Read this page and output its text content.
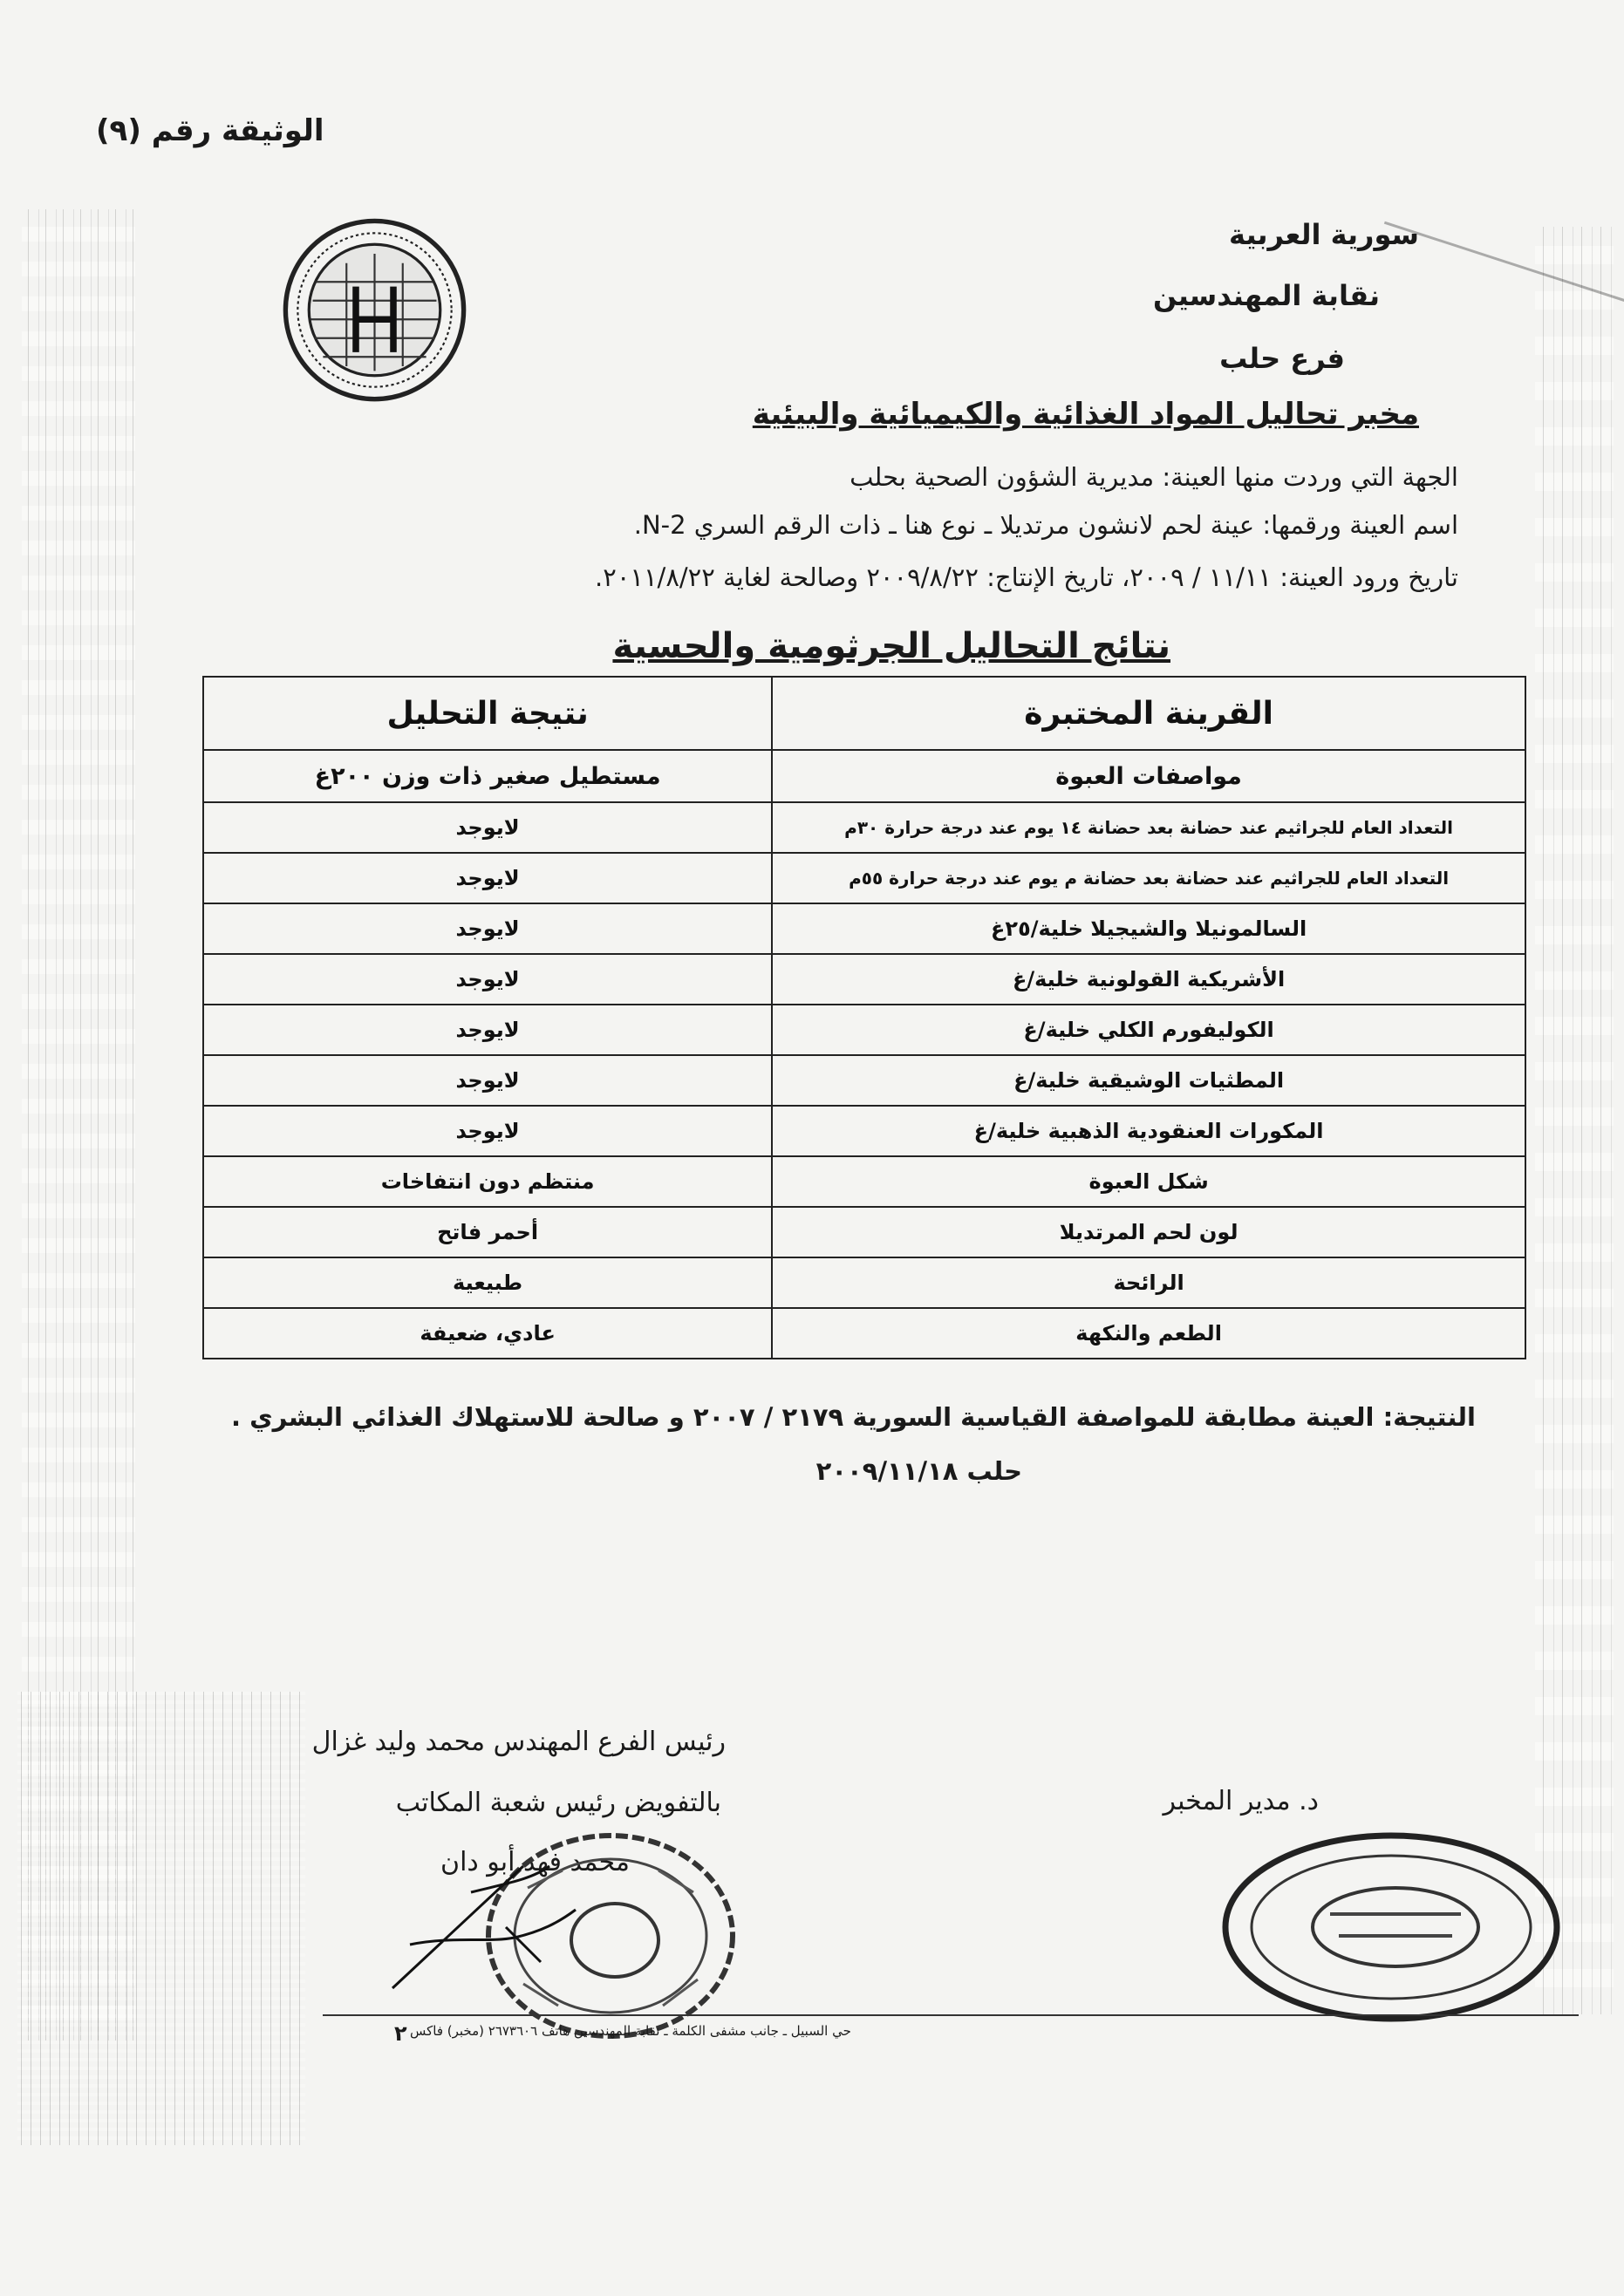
الوثيقة رقم (٩)
سورية العربية
نقابة المهندسين
فرع حلب
مخبر تحاليل المواد الغذائية والكيميائية والبيئية
الجهة التي وردت منها العينة: مديرية الشؤون الصحية بحلب
اسم العينة ورقمها: عينة لحم لانشون مرتديلا ـ نوع هنا ـ ذات الرقم السري N-2.
تاريخ ورود العينة: ١١/١١ / ٢٠٠٩، تاريخ الإنتاج: ٢٠٠٩/٨/٢٢ وصالحة لغاية ٢٠١١/٨/٢٢.
نتائج التحاليل الجرثومية والحسية
القرينة المختبرة	نتيجة التحليل
مواصفات العبوة	مستطيل صغير ذات وزن ٢٠٠غ
التعداد العام للجراثيم عند حضانة بعد حضانة ١٤ يوم عند درجة حرارة ٣٠م	لايوجد
التعداد العام للجراثيم عند حضانة بعد حضانة م يوم عند درجة حرارة ٥٥م	لايوجد
السالمونيلا والشيجيلا خلية/٢٥غ	لايوجد
الأشريكية القولونية خلية/غ	لايوجد
الكوليفورم الكلي خلية/غ	لايوجد
المطثيات الوشيقية خلية/غ	لايوجد
المكورات العنقودية الذهبية خلية/غ	لايوجد
شكل العبوة	منتظم دون انتفاخات
لون لحم المرتديلا	أحمر فاتح
الرائحة	طبيعية
الطعم والنكهة	عادي، ضعيفة
النتيجة: العينة مطابقة للمواصفة القياسية السورية ٢١٧٩ / ٢٠٠٧ و صالحة للاستهلاك الغذائي البشري .
حلب ٢٠٠٩/١١/١٨
رئيس الفرع المهندس محمد وليد غزال
بالتفويض رئيس شعبة المكاتب
محمد فهد أبو دان
د. مدير المخبر
حي السبيل ـ جانب مشفى الكلمة ـ نقابة المهندسين هاتف ٢٦٧٣٦٠٦ (مخبر) فاكس
٢
